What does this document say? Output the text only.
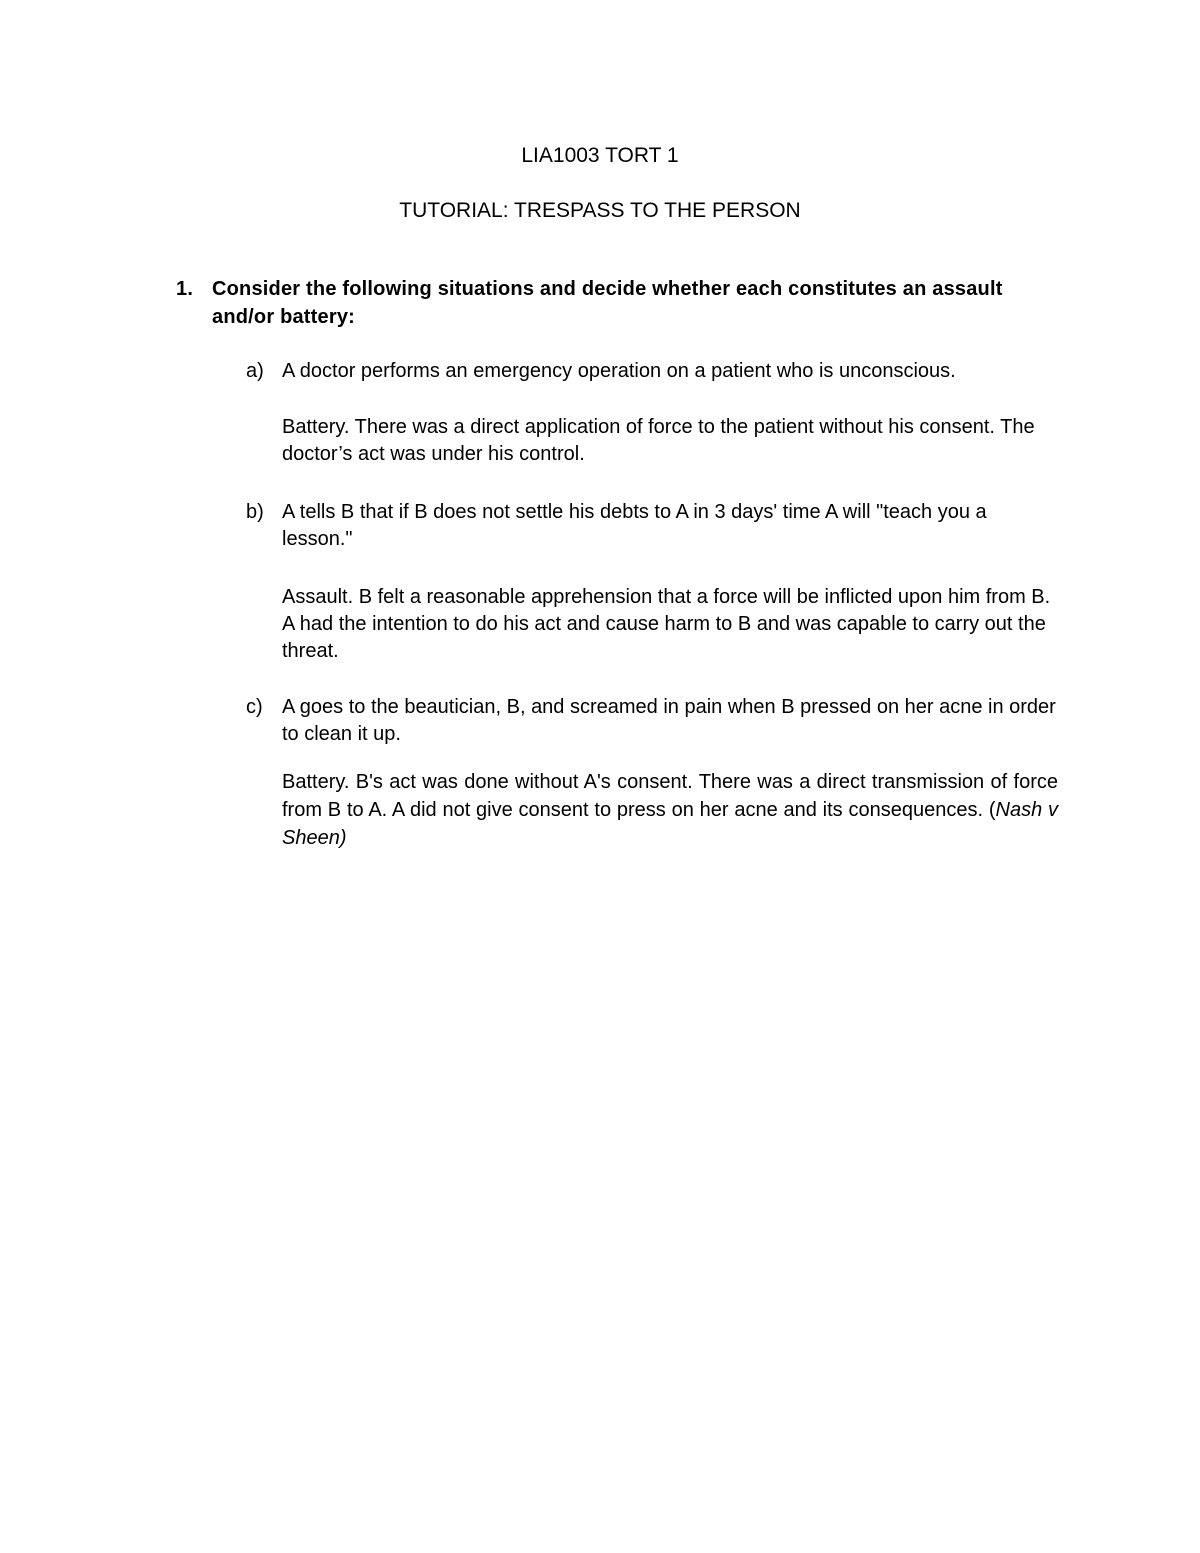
LIA1003 TORT 1
TUTORIAL: TRESPASS TO THE PERSON
1. Consider the following situations and decide whether each constitutes an assault and/or battery:
a) A doctor performs an emergency operation on a patient who is unconscious.
Battery. There was a direct application of force to the patient without his consent. The doctor’s act was under his control.
b) A tells B that if B does not settle his debts to A in 3 days' time A will "teach you a lesson."
Assault. B felt a reasonable apprehension that a force will be inflicted upon him from B. A had the intention to do his act and cause harm to B and was capable to carry out the threat.
c) A goes to the beautician, B, and screamed in pain when B pressed on her acne in order to clean it up.
Battery. B's act was done without A's consent. There was a direct transmission of force from B to A. A did not give consent to press on her acne and its consequences. (Nash v Sheen)
